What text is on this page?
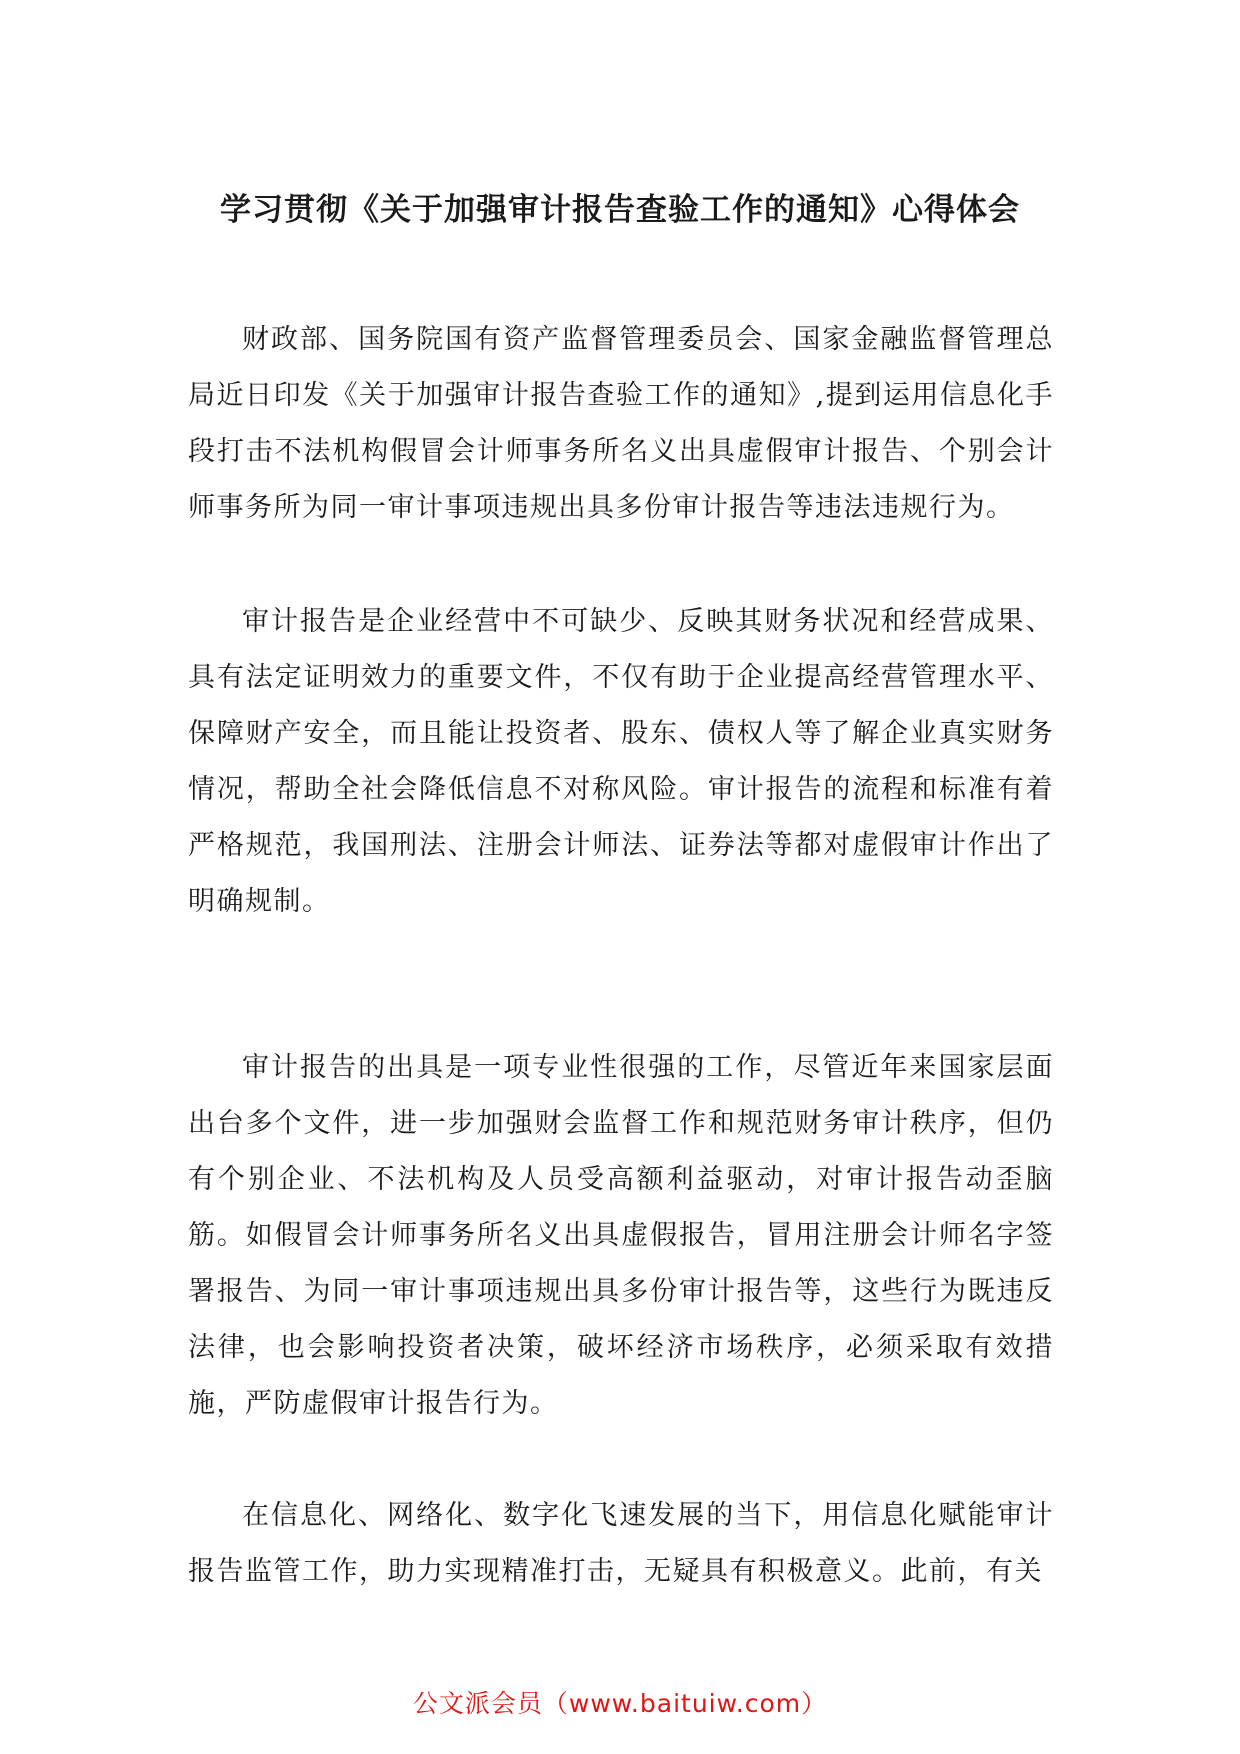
学习贯彻《关于加强审计报告查验工作的通知》心得体会

财政部、国务院国有资产监督管理委员会、国家金融监督管理总局近日印发《关于加强审计报告查验工作的通知》,提到运用信息化手段打击不法机构假冒会计师事务所名义出具虚假审计报告、个别会计师事务所为同一审计事项违规出具多份审计报告等违法违规行为。

审计报告是企业经营中不可缺少、反映其财务状况和经营成果、具有法定证明效力的重要文件，不仅有助于企业提高经营管理水平、保障财产安全，而且能让投资者、股东、债权人等了解企业真实财务情况，帮助全社会降低信息不对称风险。审计报告的流程和标准有着严格规范，我国刑法、注册会计师法、证券法等都对虚假审计作出了明确规制。

审计报告的出具是一项专业性很强的工作，尽管近年来国家层面出台多个文件，进一步加强财会监督工作和规范财务审计秩序，但仍有个别企业、不法机构及人员受高额利益驱动，对审计报告动歪脑筋。如假冒会计师事务所名义出具虚假报告，冒用注册会计师名字签署报告、为同一审计事项违规出具多份审计报告等，这些行为既违反法律，也会影响投资者决策，破坏经济市场秩序，必须采取有效措施，严防虚假审计报告行为。

在信息化、网络化、数字化飞速发展的当下，用信息化赋能审计报告监管工作，助力实现精准打击，无疑具有积极意义。此前，有关

公文派会员（www.baituiw.com）
